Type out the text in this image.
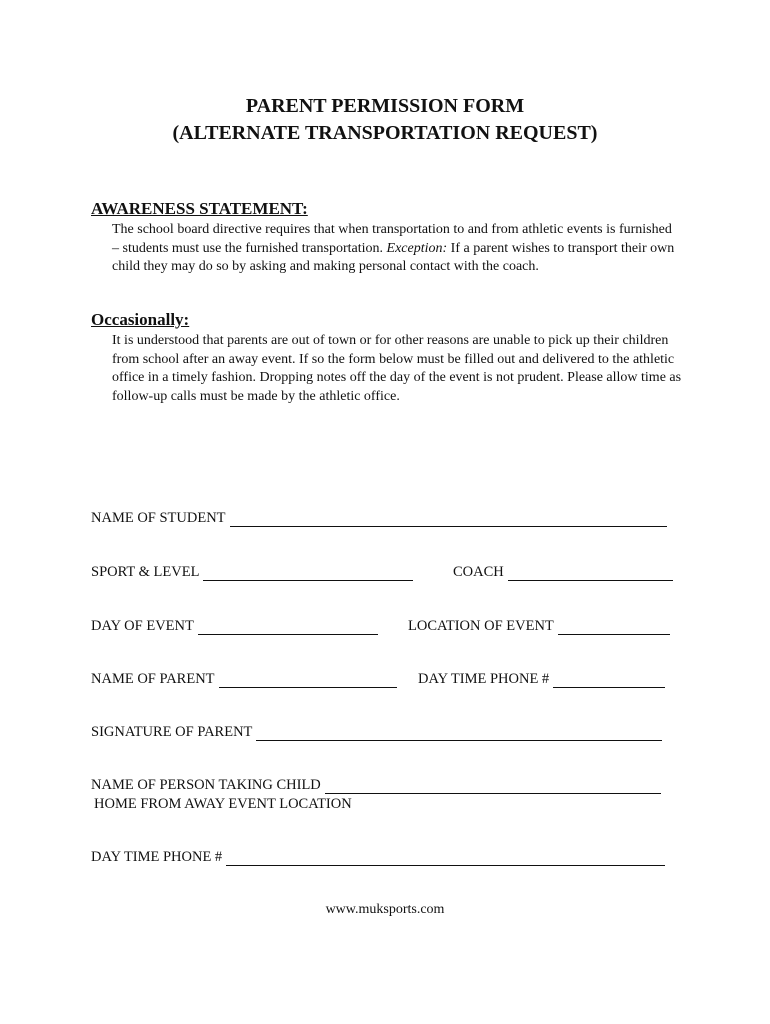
PARENT PERMISSION FORM
(ALTERNATE TRANSPORTATION REQUEST)
AWARENESS STATEMENT:
The school board directive requires that when transportation to and from athletic events is furnished – students must use the furnished transportation. Exception: If a parent wishes to transport their own child they may do so by asking and making personal contact with the coach.
Occasionally:
It is understood that parents are out of town or for other reasons are unable to pick up their children from school after an away event. If so the form below must be filled out and delivered to the athletic office in a timely fashion. Dropping notes off the day of the event is not prudent. Please allow time as follow-up calls must be made by the athletic office.
NAME OF STUDENT
SPORT & LEVEL	COACH
DAY OF EVENT	LOCATION OF EVENT
NAME OF PARENT	DAY TIME PHONE #
SIGNATURE OF PARENT
NAME OF PERSON TAKING CHILD
HOME FROM AWAY EVENT LOCATION
DAY TIME PHONE #
www.muksports.com
